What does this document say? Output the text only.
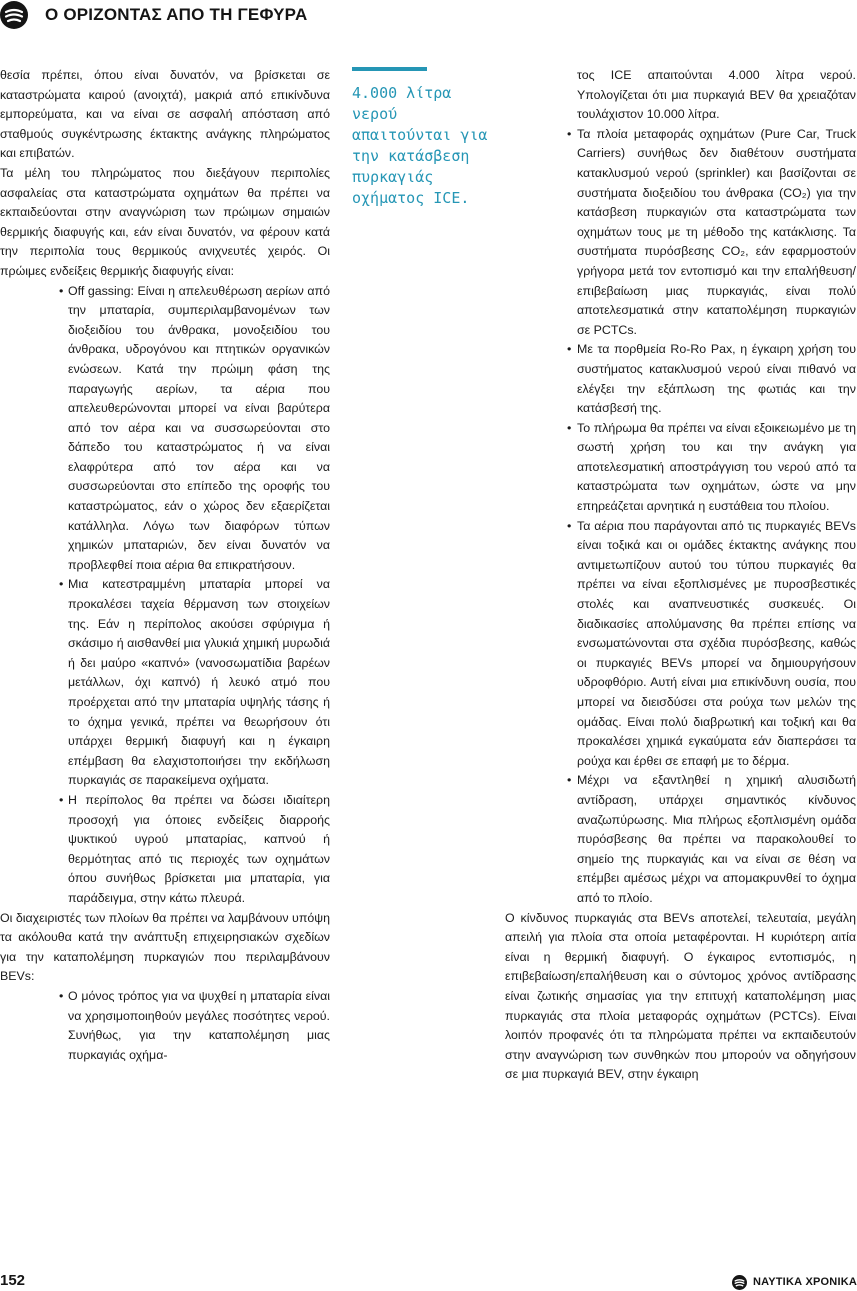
Ο ΟΡΙΖΟΝΤΑΣ ΑΠΟ ΤΗ ΓΕΦΥΡΑ

θεσία πρέπει, όπου είναι δυνατόν, να βρίσκεται σε καταστρώματα καιρού (ανοιχτά), μακριά από επικίνδυνα εμπορεύματα, και να είναι σε ασφαλή απόσταση από σταθμούς συγκέντρωσης έκτακτης ανάγκης πληρώματος και επιβατών.

Τα μέλη του πληρώματος που διεξάγουν περιπολίες ασφαλείας στα καταστρώματα οχημάτων θα πρέπει να εκπαιδεύονται στην αναγνώριση των πρώιμων σημαιών θερμικής διαφυγής και, εάν είναι δυνατόν, να φέρουν κατά την περιπολία τους θερμικούς ανιχνευτές χειρός. Οι πρώιμες ενδείξεις θερμικής διαφυγής είναι:

• Off gassing: Είναι η απελευθέρωση αερίων από την μπαταρία, συμπεριλαμβανομένων των διοξειδίου του άνθρακα, μονοξειδίου του άνθρακα, υδρογόνου και πτητικών οργανικών ενώσεων. Κατά την πρώιμη φάση της παραγωγής αερίων, τα αέρια που απελευθερώνονται μπορεί να είναι βαρύτερα από τον αέρα και να συσσωρεύονται στο δάπεδο του καταστρώματος ή να είναι ελαφρύτερα από τον αέρα και να συσσωρεύονται στο επίπεδο της οροφής του καταστρώματος, εάν ο χώρος δεν εξαερίζεται κατάλληλα. Λόγω των διαφόρων τύπων χημικών μπαταριών, δεν είναι δυνατόν να προβλεφθεί ποια αέρια θα επικρατήσουν.
• Μια κατεστραμμένη μπαταρία μπορεί να προκαλέσει ταχεία θέρμανση των στοιχείων της. Εάν η περίπολος ακούσει σφύριγμα ή σκάσιμο ή αισθανθεί μια γλυκιά χημική μυρωδιά ή δει μαύρο «καπνό» (νανοσωματίδια βαρέων μετάλλων, όχι καπνό) ή λευκό ατμό που προέρχεται από την μπαταρία υψηλής τάσης ή το όχημα γενικά, πρέπει να θεωρήσουν ότι υπάρχει θερμική διαφυγή και η έγκαιρη επέμβαση θα ελαχιστοποιήσει την εκδήλωση πυρκαγιάς σε παρακείμενα οχήματα.
• Η περίπολος θα πρέπει να δώσει ιδιαίτερη προσοχή για όποιες ενδείξεις διαρροής ψυκτικού υγρού μπαταρίας, καπνού ή θερμότητας από τις περιοχές των οχημάτων όπου συνήθως βρίσκεται μια μπαταρία, για παράδειγμα, στην κάτω πλευρά.

Οι διαχειριστές των πλοίων θα πρέπει να λαμβάνουν υπόψη τα ακόλουθα κατά την ανάπτυξη επιχειρησιακών σχεδίων για την καταπολέμηση πυρκαγιών που περιλαμβάνουν BEVs:

• Ο μόνος τρόπος για να ψυχθεί η μπαταρία είναι να χρησιμοποιηθούν μεγάλες ποσότητες νερού. Συνήθως, για την καταπολέμηση μιας πυρκαγιάς οχήμα-
4.000 λίτρα
νερού
απαιτούνται για
την κατάσβεση
πυρκαγιάς
οχήματος ICE.

τος ICE απαιτούνται 4.000 λίτρα νερού. Υπολογίζεται ότι μια πυρκαγιά BEV θα χρειαζόταν τουλάχιστον 10.000 λίτρα.

• Τα πλοία μεταφοράς οχημάτων (Pure Car, Truck Carriers) συνήθως δεν διαθέτουν συστήματα κατακλυσμού νερού (sprinkler) και βασίζονται σε συστήματα διοξειδίου του άνθρακα (CO₂) για την κατάσβεση πυρκαγιών στα καταστρώματα των οχημάτων τους με τη μέθοδο της κατάκλισης. Τα συστήματα πυρόσβεσης CO₂, εάν εφαρμοστούν γρήγορα μετά τον εντοπισμό και την επαλήθευση/επιβεβαίωση μιας πυρκαγιάς, είναι πολύ αποτελεσματικά στην καταπολέμηση πυρκαγιών σε PCTCs.
• Με τα πορθμεία Ro-Ro Pax, η έγκαιρη χρήση του συστήματος κατακλυσμού νερού είναι πιθανό να ελέγξει την εξάπλωση της φωτιάς και την κατάσβεσή της.
• Το πλήρωμα θα πρέπει να είναι εξοικειωμένο με τη σωστή χρήση του και την ανάγκη για αποτελεσματική αποστράγγιση του νερού από τα καταστρώματα των οχημάτων, ώστε να μην επηρεάζεται αρνητικά η ευστάθεια του πλοίου.
• Τα αέρια που παράγονται από τις πυρκαγιές BEVs είναι τοξικά και οι ομάδες έκτακτης ανάγκης που αντιμετωπίζουν αυτού του τύπου πυρκαγιές θα πρέπει να είναι εξοπλισμένες με πυροσβεστικές στολές και αναπνευστικές συσκευές. Οι διαδικασίες απολύμανσης θα πρέπει επίσης να ενσωματώνονται στα σχέδια πυρόσβεσης, καθώς οι πυρκαγιές BEVs μπορεί να δημιουργήσουν υδροφθόριο. Αυτή είναι μια επικίνδυνη ουσία, που μπορεί να διεισδύσει στα ρούχα των μελών της ομάδας. Είναι πολύ διαβρωτική και τοξική και θα προκαλέσει χημικά εγκαύματα εάν διαπεράσει τα ρούχα και έρθει σε επαφή με το δέρμα.
• Μέχρι να εξαντληθεί η χημική αλυσιδωτή αντίδραση, υπάρχει σημαντικός κίνδυνος αναζωπύρωσης. Μια πλήρως εξοπλισμένη ομάδα πυρόσβεσης θα πρέπει να παρακολουθεί το σημείο της πυρκαγιάς και να είναι σε θέση να επέμβει αμέσως μέχρι να απομακρυνθεί το όχημα από το πλοίο.

Ο κίνδυνος πυρκαγιάς στα BEVs αποτελεί, τελευταία, μεγάλη απειλή για πλοία στα οποία μεταφέρονται. Η κυριότερη αιτία είναι η θερμική διαφυγή. Ο έγκαιρος εντοπισμός, η επιβεβαίωση/επαλήθευση και ο σύντομος χρόνος αντίδρασης είναι ζωτικής σημασίας για την επιτυχή καταπολέμηση μιας πυρκαγιάς στα πλοία μεταφοράς οχημάτων (PCTCs). Είναι λοιπόν προφανές ότι τα πληρώματα πρέπει να εκπαιδευτούν στην αναγνώριση των συνθηκών που μπορούν να οδηγήσουν σε μια πυρκαγιά BEV, στην έγκαιρη

152	ΝΑΥΤΙΚΑ ΧΡΟΝΙΚΑ
